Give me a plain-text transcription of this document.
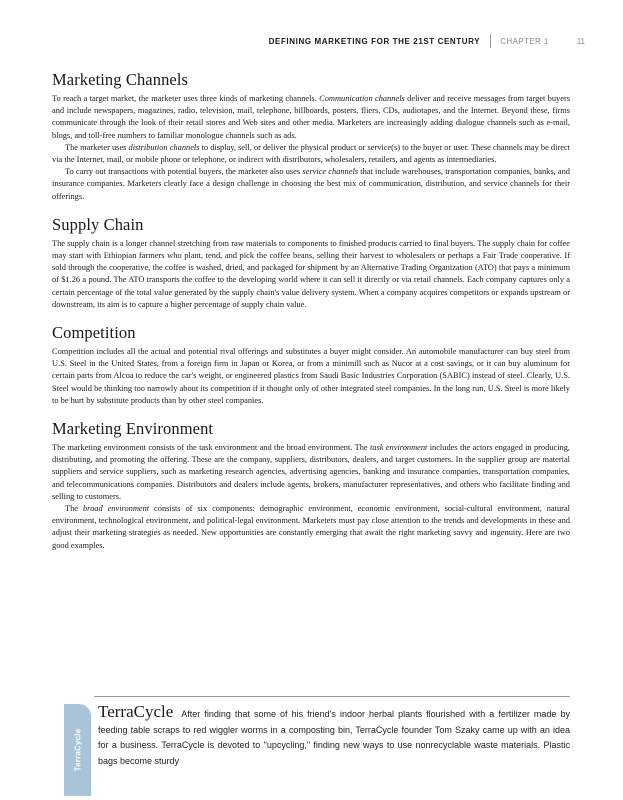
DEFINING MARKETING FOR THE 21ST CENTURY	CHAPTER 1	11
Marketing Channels

To reach a target market, the marketer uses three kinds of marketing channels. Communication channels deliver and receive messages from target buyers and include newspapers, magazines, radio, television, mail, telephone, billboards, posters, fliers, CDs, audiotapes, and the Internet. Beyond these, firms communicate through the look of their retail stores and Web sites and other media. Marketers are increasingly adding dialogue channels such as e-mail, blogs, and toll-free numbers to familiar monologue channels such as ads.

The marketer uses distribution channels to display, sell, or deliver the physical product or service(s) to the buyer or user. These channels may be direct via the Internet, mail, or mobile phone or telephone, or indirect with distributors, wholesalers, retailers, and agents as intermediaries.

To carry out transactions with potential buyers, the marketer also uses service channels that include warehouses, transportation companies, banks, and insurance companies. Marketers clearly face a design challenge in choosing the best mix of communication, distribution, and service channels for their offerings.

Supply Chain

The supply chain is a longer channel stretching from raw materials to components to finished products carried to final buyers. The supply chain for coffee may start with Ethiopian farmers who plant, tend, and pick the coffee beans, selling their harvest to wholesalers or perhaps a Fair Trade cooperative. If sold through the cooperative, the coffee is washed, dried, and packaged for shipment by an Alternative Trading Organization (ATO) that pays a minimum of $1.26 a pound. The ATO transports the coffee to the developing world where it can sell it directly or via retail channels. Each company captures only a certain percentage of the total value generated by the supply chain's value delivery system. When a company acquires competitors or expands upstream or downstream, its aim is to capture a higher percentage of supply chain value.

Competition

Competition includes all the actual and potential rival offerings and substitutes a buyer might consider. An automobile manufacturer can buy steel from U.S. Steel in the United States, from a foreign firm in Japan or Korea, or from a minimill such as Nucor at a cost savings, or it can buy aluminum for certain parts from Alcoa to reduce the car's weight, or engineered plastics from Saudi Basic Industries Corporation (SABIC) instead of steel. Clearly, U.S. Steel would be thinking too narrowly about its competition if it thought only of other integrated steel companies. In the long run, U.S. Steel is more likely to be hurt by substitute products than by other steel companies.

Marketing Environment

The marketing environment consists of the task environment and the broad environment. The task environment includes the actors engaged in producing, distributing, and promoting the offering. These are the company, suppliers, distributors, dealers, and target customers. In the supplier group are material suppliers and service suppliers, such as marketing research agencies, advertising agencies, banking and insurance companies, transportation companies, and telecommunications companies. Distributors and dealers include agents, brokers, manufacturer representatives, and others who facilitate finding and selling to customers.

The broad environment consists of six components: demographic environment, economic environment, social-cultural environment, natural environment, technological environment, and political-legal environment. Marketers must pay close attention to the trends and developments in these and adjust their marketing strategies as needed. New opportunities are constantly emerging that await the right marketing savvy and ingenuity. Here are two good examples.

TerraCycle
TerraCycle After finding that some of his friend's indoor herbal plants flourished with a fertilizer made by feeding table scraps to red wiggler worms in a composting bin, TerraCycle founder Tom Szaky came up with an idea for a business. TerraCycle is devoted to "upcycling," finding new ways to use nonrecyclable waste materials. Plastic bags become sturdy
